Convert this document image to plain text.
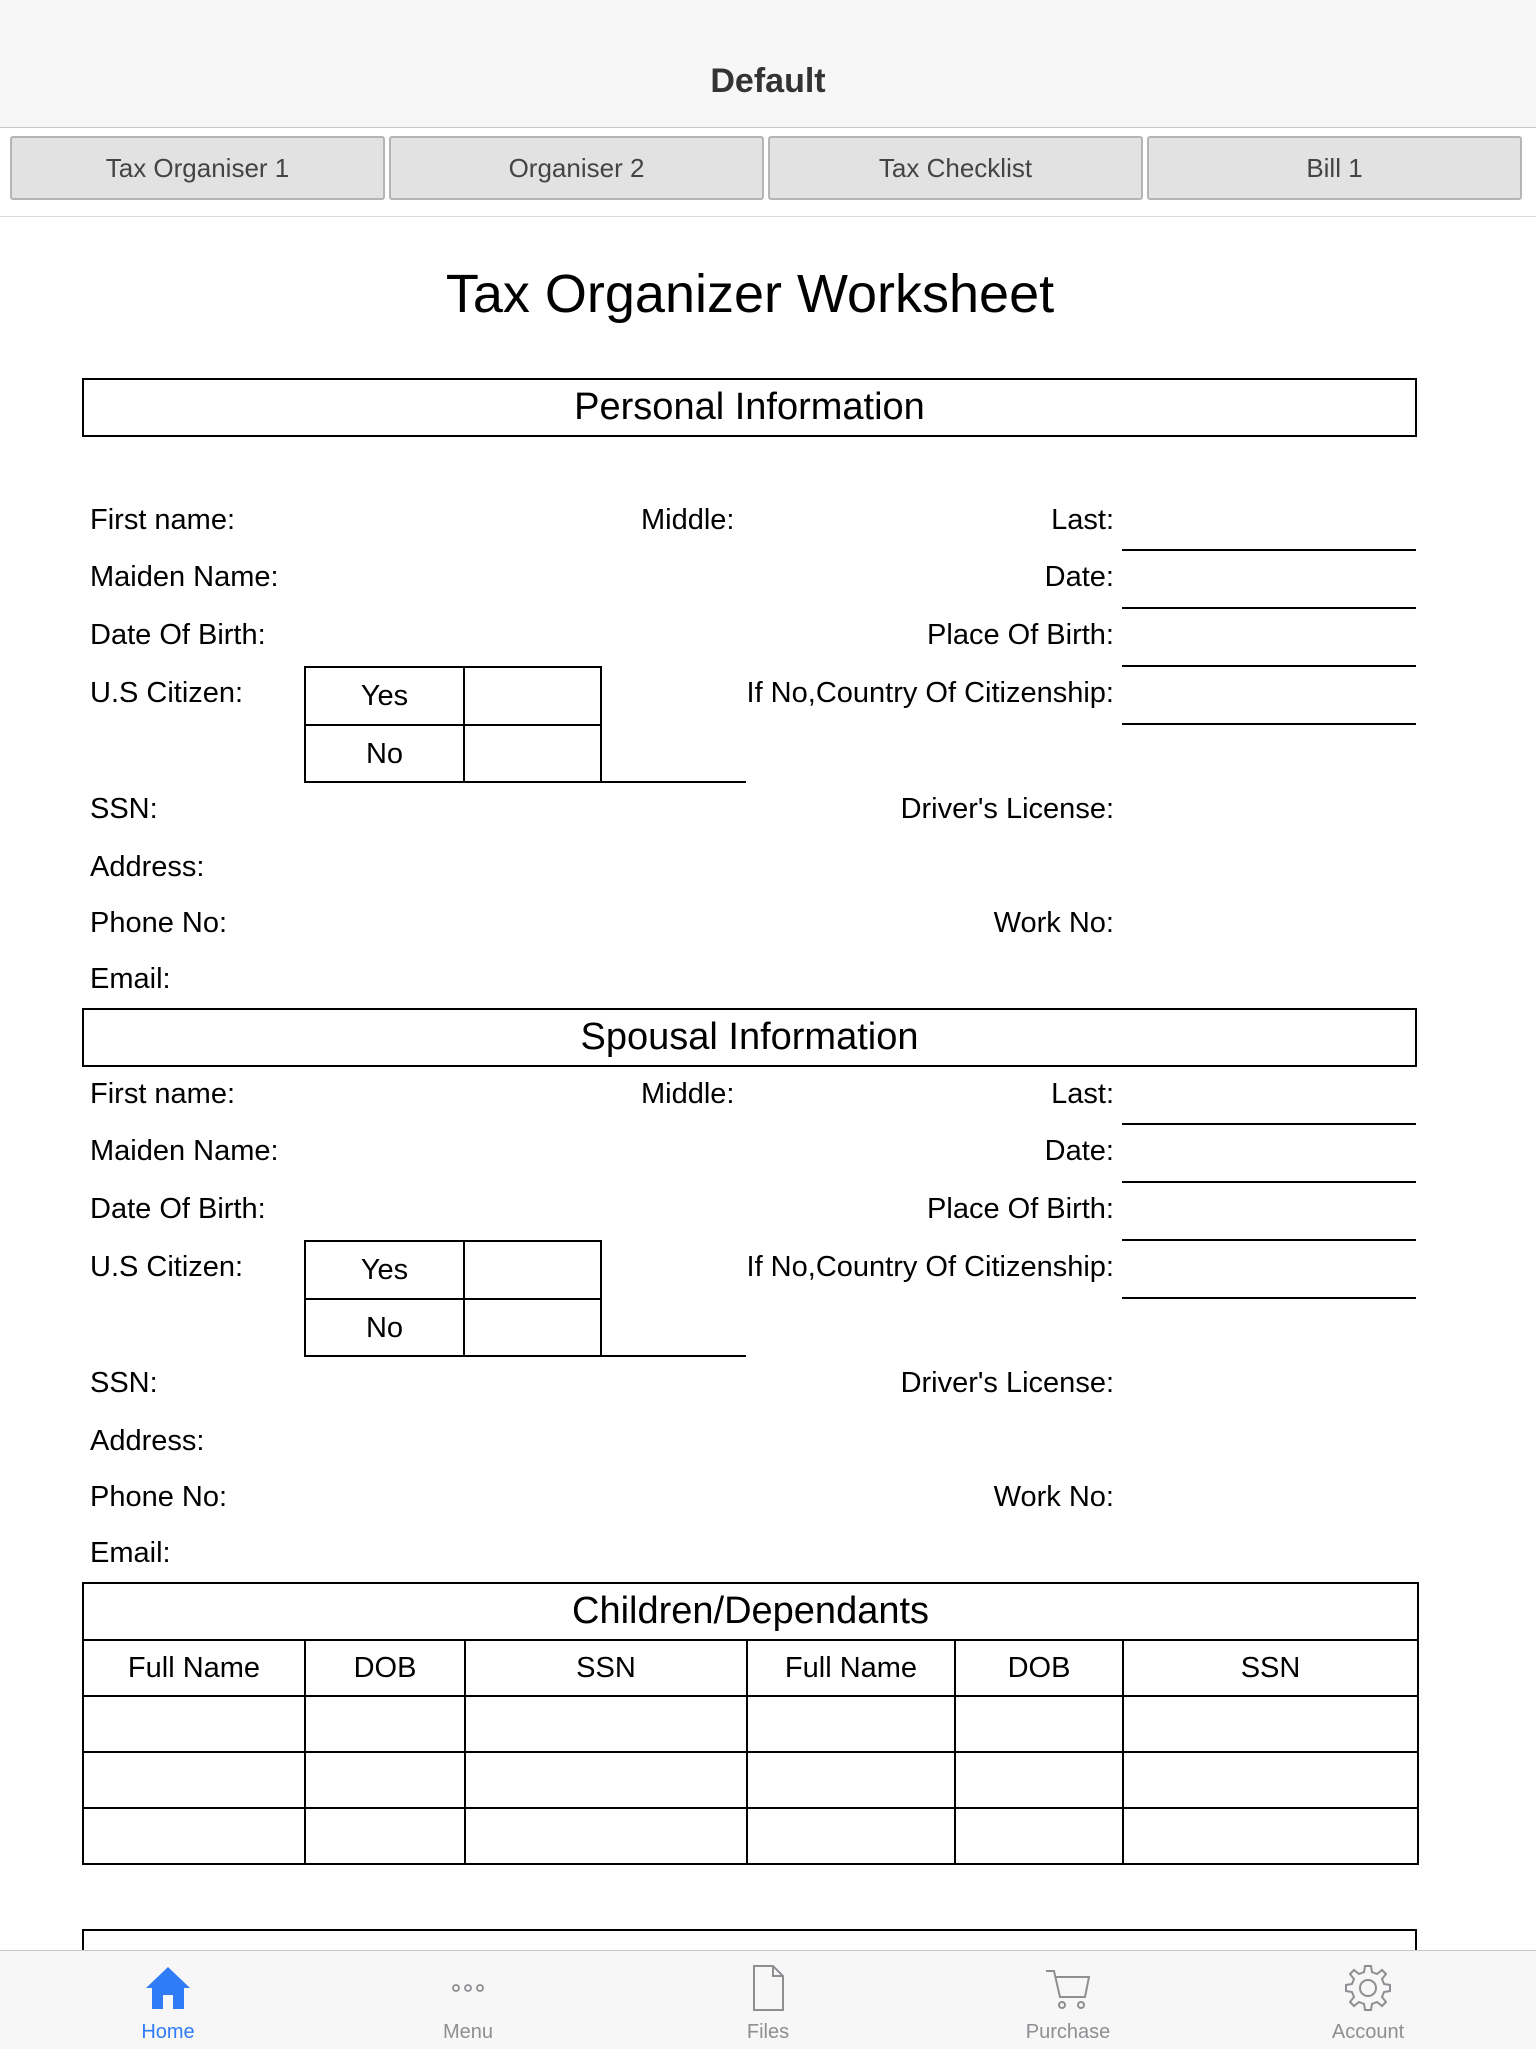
Default
Tax Organiser 1	Organiser 2	Tax Checklist	Bill 1
Tax Organizer Worksheet
Personal Information
First name:	Middle:	Last:
Maiden Name:	Date:
Date Of Birth:	Place Of Birth:
U.S Citizen:	Yes
No
If No,Country Of Citizenship:
SSN:	Driver's License:
Address:
Phone No:	Work No:
Email:
Spousal Information
First name:	Middle:	Last:
Maiden Name:	Date:
Date Of Birth:	Place Of Birth:
U.S Citizen:	Yes
No
If No,Country Of Citizenship:
SSN:	Driver's License:
Address:
Phone No:	Work No:
Email:
Children/Dependants					
Full Name	DOB	SSN	Full Name	DOB	SSN

Home	Menu	Files	Purchase	Account
